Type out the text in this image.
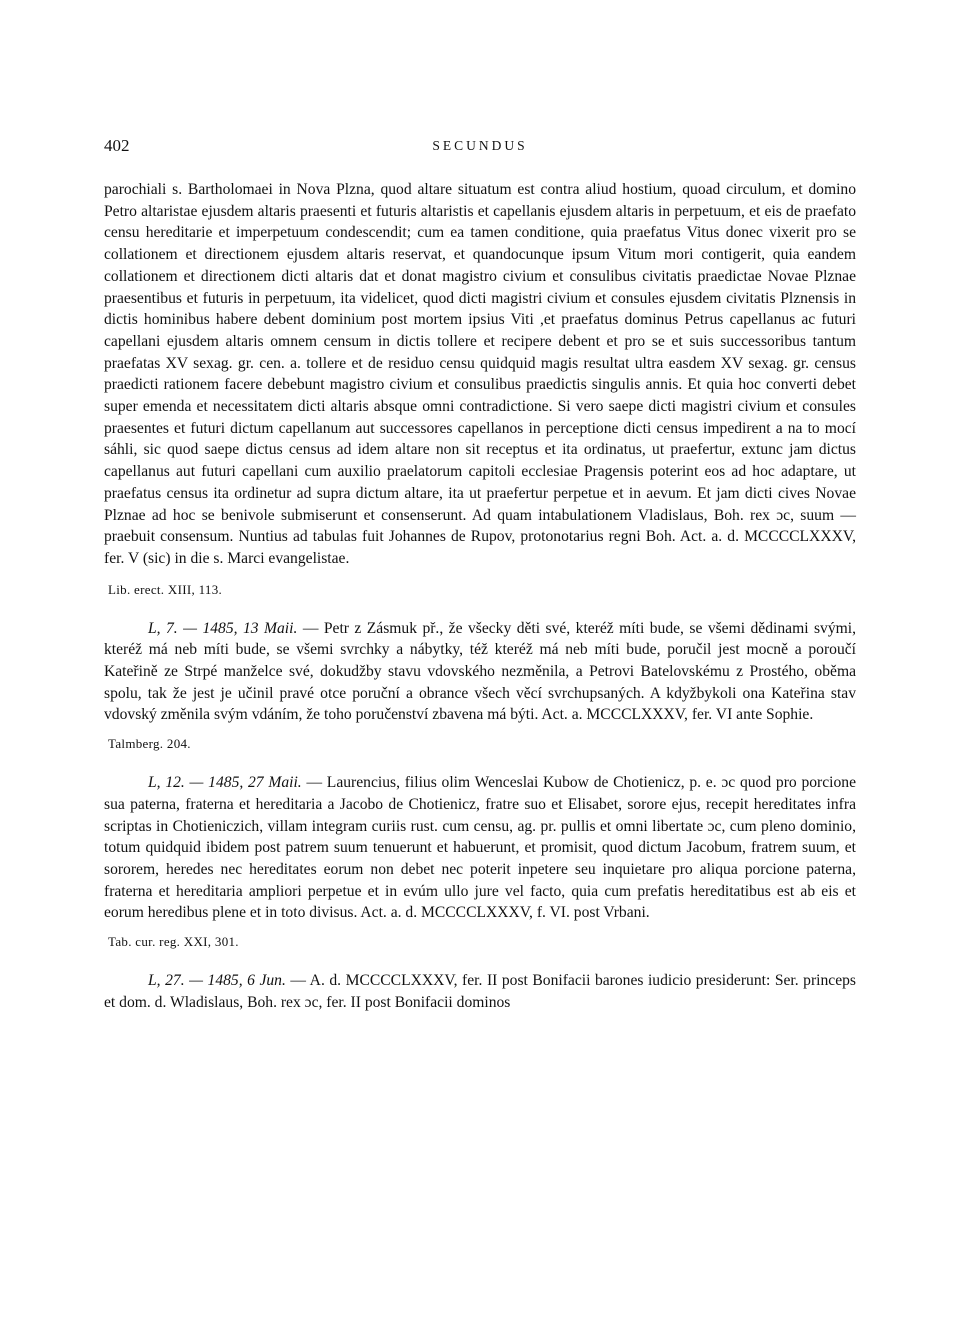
402	SECUNDUS

parochiali s. Bartholomaei in Nova Plzna, quod altare situatum est contra aliud hostium, quoad circulum, et domino Petro altaristae ejusdem altaris praesenti et futuris altaristis et capellanis ejusdem altaris in perpetuum, et eis de praefato censu hereditarie et imperpetuum condescendit; cum ea tamen conditione, quia praefatus Vitus donec vixerit pro se collationem et directionem ejusdem altaris reservat, et quandocunque ipsum Vitum mori contigerit, quia eandem collationem et directionem dicti altaris dat et donat magistro civium et consulibus civitatis praedictae Novae Plznae praesentibus et futuris in perpetuum, ita videlicet, quod dicti magistri civium et consules ejusdem civitatis Plznensis in dictis hominibus habere debent dominium post mortem ipsius Viti ,et praefatus dominus Petrus capellanus ac futuri capellani ejusdem altaris omnem censum in dictis tollere et recipere debent et pro se et suis successoribus tantum praefatas XV sexag. gr. cen. a. tollere et de residuo censu quidquid magis resultat ultra easdem XV sexag. gr. census praedicti rationem facere debebunt magistro civium et consulibus praedictis singulis annis. Et quia hoc converti debet super emenda et necessitatem dicti altaris absque omni contradictione. Si vero saepe dicti magistri civium et consules praesentes et futuri dictum capellanum aut successores capellanos in perceptione dicti census impedirent a na to mocí sáhli, sic quod saepe dictus census ad idem altare non sit receptus et ita ordinatus, ut praefertur, extunc jam dictus capellanus aut futuri capellani cum auxilio praelatorum capitoli ecclesiae Pragensis poterint eos ad hoc adaptare, ut praefatus census ita ordinetur ad supra dictum altare, ita ut praefertur perpetue et in aevum. Et jam dicti cives Novae Plznae ad hoc se benivole submiserunt et consenserunt. Ad quam intabulationem Vladislaus, Boh. rex ɔc, suum — praebuit consensum. Nuntius ad tabulas fuit Johannes de Rupov, protonotarius regni Boh. Act. a. d. MCCCCLXXXV, fer. V (sic) in die s. Marci evangelistae.

Lib. erect. XIII, 113.

L, 7. — 1485, 13 Maii. — Petr z Zásmuk př., že všecky děti své, kteréž míti bude, se všemi dědinami svými, kteréž má neb míti bude, se všemi svrchky a nábytky, též kteréž má neb míti bude, poručil jest mocně a poroučí Kateřině ze Strpé manželce své, dokudžby stavu vdovského nezměnila, a Petrovi Batelovskému z Prostého, oběma spolu, tak že jest je učinil pravé otce poruční a obrance všech věcí svrchupsaných. A kdyžbykoli ona Kateřina stav vdovský změnila svým vdáním, že toho poručenství zbavena má býti. Act. a. MCCCLXXXV, fer. VI ante Sophie.

Talmberg. 204.

L, 12. — 1485, 27 Maii. — Laurencius, filius olim Wenceslai Kubow de Chotienicz, p. e. ɔc quod pro porcione sua paterna, fraterna et hereditaria a Jacobo de Chotienicz, fratre suo et Elisabet, sorore ejus, recepit hereditates infra scriptas in Chotieniczich, villam integram curiis rust. cum censu, ag. pr. pullis et omni libertate ɔc, cum pleno dominio, totum quidquid ibidem post patrem suum tenuerunt et habuerunt, et promisit, quod dictum Jacobum, fratrem suum, et sororem, heredes nec hereditates eorum non debet nec poterit inpetere seu inquietare pro aliqua porcione paterna, fraterna et hereditaria ampliori perpetue et in evúm ullo jure vel facto, quia cum prefatis hereditatibus est ab eis et eorum heredibus plene et in toto divisus. Act. a. d. MCCCCLXXXV, f. VI. post Vrbani.

Tab. cur. reg. XXI, 301.

L, 27. — 1485, 6 Jun. — A. d. MCCCCLXXXV, fer. II post Bonifacii barones iudicio presiderunt: Ser. princeps et dom. d. Wladislaus, Boh. rex ɔc, fer. II post Bonifacii dominos
